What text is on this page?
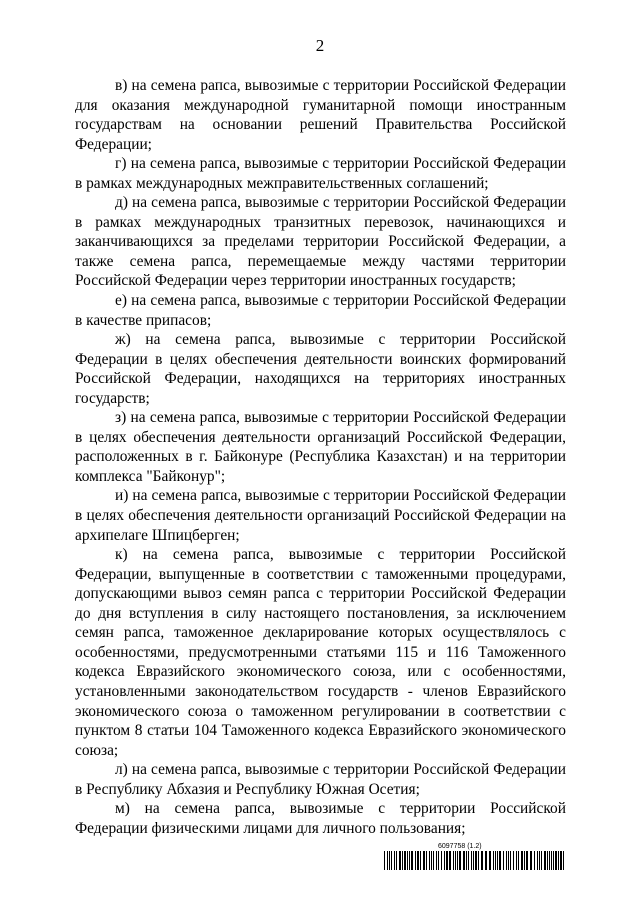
2

в) на семена рапса, вывозимые с территории Российской Федерации для оказания международной гуманитарной помощи иностранным государствам на основании решений Правительства Российской Федерации;

г) на семена рапса, вывозимые с территории Российской Федерации в рамках международных межправительственных соглашений;

д) на семена рапса, вывозимые с территории Российской Федерации в рамках международных транзитных перевозок, начинающихся и заканчивающихся за пределами территории Российской Федерации, а также семена рапса, перемещаемые между частями территории Российской Федерации через территории иностранных государств;

е) на семена рапса, вывозимые с территории Российской Федерации в качестве припасов;

ж) на семена рапса, вывозимые с территории Российской Федерации в целях обеспечения деятельности воинских формирований Российской Федерации, находящихся на территориях иностранных государств;

з) на семена рапса, вывозимые с территории Российской Федерации в целях обеспечения деятельности организаций Российской Федерации, расположенных в г. Байконуре (Республика Казахстан) и на территории комплекса "Байконур";

и) на семена рапса, вывозимые с территории Российской Федерации в целях обеспечения деятельности организаций Российской Федерации на архипелаге Шпицберген;

к) на семена рапса, вывозимые с территории Российской Федерации, выпущенные в соответствии с таможенными процедурами, допускающими вывоз семян рапса с территории Российской Федерации до дня вступления в силу настоящего постановления, за исключением семян рапса, таможенное декларирование которых осуществлялось с особенностями, предусмотренными статьями 115 и 116 Таможенного кодекса Евразийского экономического союза, или с особенностями, установленными законодательством государств - членов Евразийского экономического союза о таможенном регулировании в соответствии с пунктом 8 статьи 104 Таможенного кодекса Евразийского экономического союза;

л) на семена рапса, вывозимые с территории Российской Федерации в Республику Абхазия и Республику Южная Осетия;

м) на семена рапса, вывозимые с территории Российской Федерации физическими лицами для личного пользования;

6097758 (1.2)
